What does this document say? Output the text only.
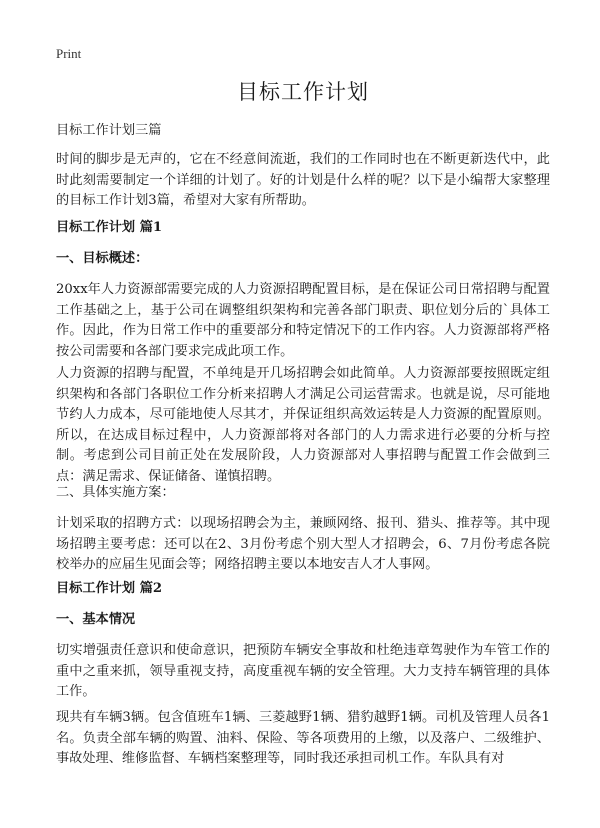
Print
目标工作计划

目标工作计划三篇

时间的脚步是无声的，它在不经意间流逝，我们的工作同时也在不断更新迭代中，此时此刻需要制定一个详细的计划了。好的计划是什么样的呢？以下是小编帮大家整理的目标工作计划3篇，希望对大家有所帮助。

目标工作计划 篇1

一、目标概述：

20xx年人力资源部需要完成的人力资源招聘配置目标，是在保证公司日常招聘与配置工作基础之上，基于公司在调整组织架构和完善各部门职责、职位划分后的`具体工作。因此，作为日常工作中的重要部分和特定情况下的工作内容。人力资源部将严格按公司需要和各部门要求完成此项工作。

人力资源的招聘与配置，不单纯是开几场招聘会如此简单。人力资源部要按照既定组织架构和各部门各职位工作分析来招聘人才满足公司运营需求。也就是说，尽可能地节约人力成本，尽可能地使人尽其才，并保证组织高效运转是人力资源的配置原则。所以，在达成目标过程中，人力资源部将对各部门的人力需求进行必要的分析与控制。考虑到公司目前正处在发展阶段，人力资源部对人事招聘与配置工作会做到三点：满足需求、保证储备、谨慎招聘。

二、具体实施方案：

计划采取的招聘方式：以现场招聘会为主，兼顾网络、报刊、猎头、推荐等。其中现场招聘主要考虑：还可以在2、3月份考虑个别大型人才招聘会，6、7月份考虑各院校举办的应届生见面会等；网络招聘主要以本地安吉人才人事网。

目标工作计划 篇2

一、基本情况

切实增强责任意识和使命意识，把预防车辆安全事故和杜绝违章驾驶作为车管工作的重中之重来抓，领导重视支持，高度重视车辆的安全管理。大力支持车辆管理的具体工作。

现共有车辆3辆。包含值班车1辆、三菱越野1辆、猎豹越野1辆。司机及管理人员各1名。负责全部车辆的购置、油料、保险、等各项费用的上缴，以及落户、二级维护、事故处理、维修监督、车辆档案整理等，同时我还承担司机工作。车队具有对
